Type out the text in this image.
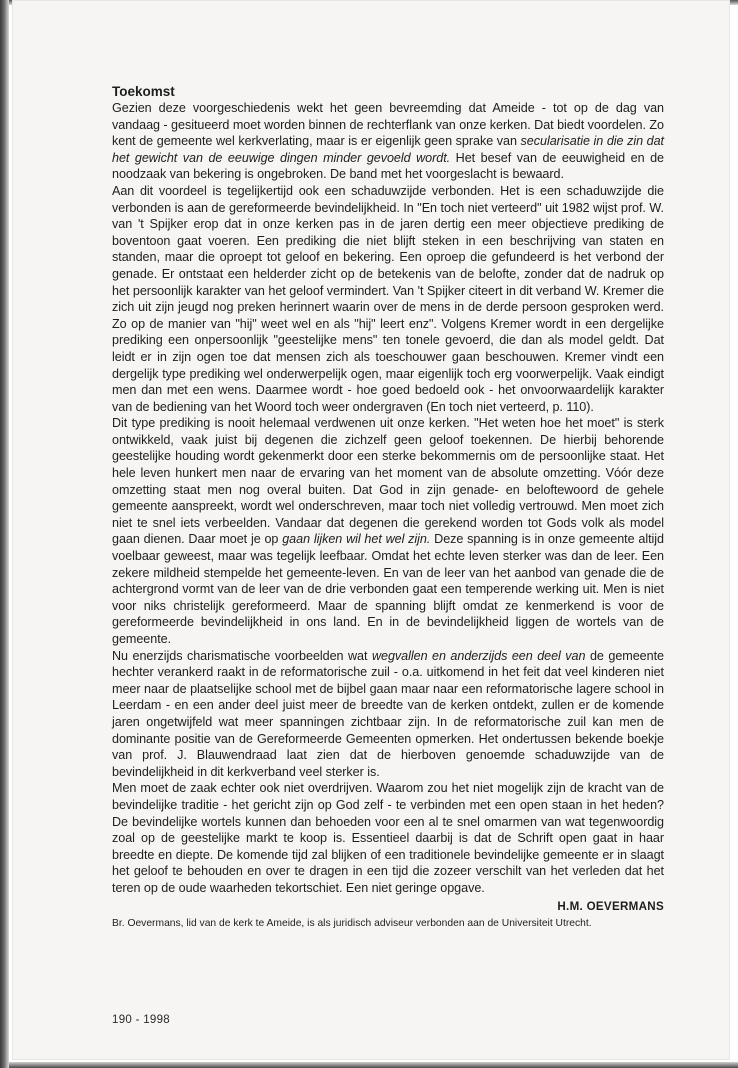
Toekomst

Gezien deze voorgeschiedenis wekt het geen bevreemding dat Ameide - tot op de dag van vandaag - gesitueerd moet worden binnen de rechterflank van onze kerken. Dat biedt voordelen. Zo kent de gemeente wel kerkverlating, maar is er eigenlijk geen sprake van secularisatie in die zin dat het gewicht van de eeuwige dingen minder gevoeld wordt. Het besef van de eeuwigheid en de noodzaak van bekering is ongebroken. De band met het voorgeslacht is bewaard.

Aan dit voordeel is tegelijkertijd ook een schaduwzijde verbonden. Het is een schaduwzijde die verbonden is aan de gereformeerde bevindelijkheid. In "En toch niet verteerd" uit 1982 wijst prof. W. van 't Spijker erop dat in onze kerken pas in de jaren dertig een meer objectieve prediking de boventoon gaat voeren. Een prediking die niet blijft steken in een beschrijving van staten en standen, maar die oproept tot geloof en bekering. Een oproep die gefundeerd is het verbond der genade. Er ontstaat een helderder zicht op de betekenis van de belofte, zonder dat de nadruk op het persoonlijk karakter van het geloof vermindert. Van 't Spijker citeert in dit verband W. Kremer die zich uit zijn jeugd nog preken herinnert waarin over de mens in de derde persoon gesproken werd. Zo op de manier van "hij" weet wel en als "hij" leert enz". Volgens Kremer wordt in een dergelijke prediking een onpersoonlijk "geestelijke mens" ten tonele gevoerd, die dan als model geldt. Dat leidt er in zijn ogen toe dat mensen zich als toeschouwer gaan beschouwen. Kremer vindt een dergelijk type prediking wel onderwerpelijk ogen, maar eigenlijk toch erg voorwerpelijk. Vaak eindigt men dan met een wens. Daarmee wordt - hoe goed bedoeld ook - het onvoorwaardelijk karakter van de bediening van het Woord toch weer ondergraven (En toch niet verteerd, p. 110).

Dit type prediking is nooit helemaal verdwenen uit onze kerken. "Het weten hoe het moet" is sterk ontwikkeld, vaak juist bij degenen die zichzelf geen geloof toekennen. De hierbij behorende geestelijke houding wordt gekenmerkt door een sterke bekommernis om de persoonlijke staat. Het hele leven hunkert men naar de ervaring van het moment van de absolute omzetting. Vóór deze omzetting staat men nog overal buiten. Dat God in zijn genade- en beloftewoord de gehele gemeente aanspreekt, wordt wel onderschreven, maar toch niet volledig vertrouwd. Men moet zich niet te snel iets verbeelden. Vandaar dat degenen die gerekend worden tot Gods volk als model gaan dienen. Daar moet je op gaan lijken wil het wel zijn. Deze spanning is in onze gemeente altijd voelbaar geweest, maar was tegelijk leefbaar. Omdat het echte leven sterker was dan de leer. Een zekere mildheid stempelde het gemeente-leven. En van de leer van het aanbod van genade die de achtergrond vormt van de leer van de drie verbonden gaat een temperende werking uit. Men is niet voor niks christelijk gereformeerd. Maar de spanning blijft omdat ze kenmerkend is voor de gereformeerde bevindelijkheid in ons land. En in de bevindelijkheid liggen de wortels van de gemeente.

Nu enerzijds charismatische voorbeelden wat wegvallen en anderzijds een deel van de gemeente hechter verankerd raakt in de reformatorische zuil - o.a. uitkomend in het feit dat veel kinderen niet meer naar de plaatselijke school met de bijbel gaan maar naar een reformatorische lagere school in Leerdam - en een ander deel juist meer de breedte van de kerken ontdekt, zullen er de komende jaren ongetwijfeld wat meer spanningen zichtbaar zijn. In de reformatorische zuil kan men de dominante positie van de Gereformeerde Gemeenten opmerken. Het ondertussen bekende boekje van prof. J. Blauwendraad laat zien dat de hierboven genoemde schaduwzijde van de bevindelijkheid in dit kerkverband veel sterker is.

Men moet de zaak echter ook niet overdrijven. Waarom zou het niet mogelijk zijn de kracht van de bevindelijke traditie - het gericht zijn op God zelf - te verbinden met een open staan in het heden? De bevindelijke wortels kunnen dan behoeden voor een al te snel omarmen van wat tegenwoordig zoal op de geestelijke markt te koop is. Essentieel daarbij is dat de Schrift open gaat in haar breedte en diepte. De komende tijd zal blijken of een traditionele bevindelijke gemeente er in slaagt het geloof te behouden en over te dragen in een tijd die zozeer verschilt van het verleden dat het teren op de oude waarheden tekortschiet. Een niet geringe opgave.

H.M. OEVERMANS

Br. Oevermans, lid van de kerk te Ameide, is als juridisch adviseur verbonden aan de Universiteit Utrecht.

190 - 1998
